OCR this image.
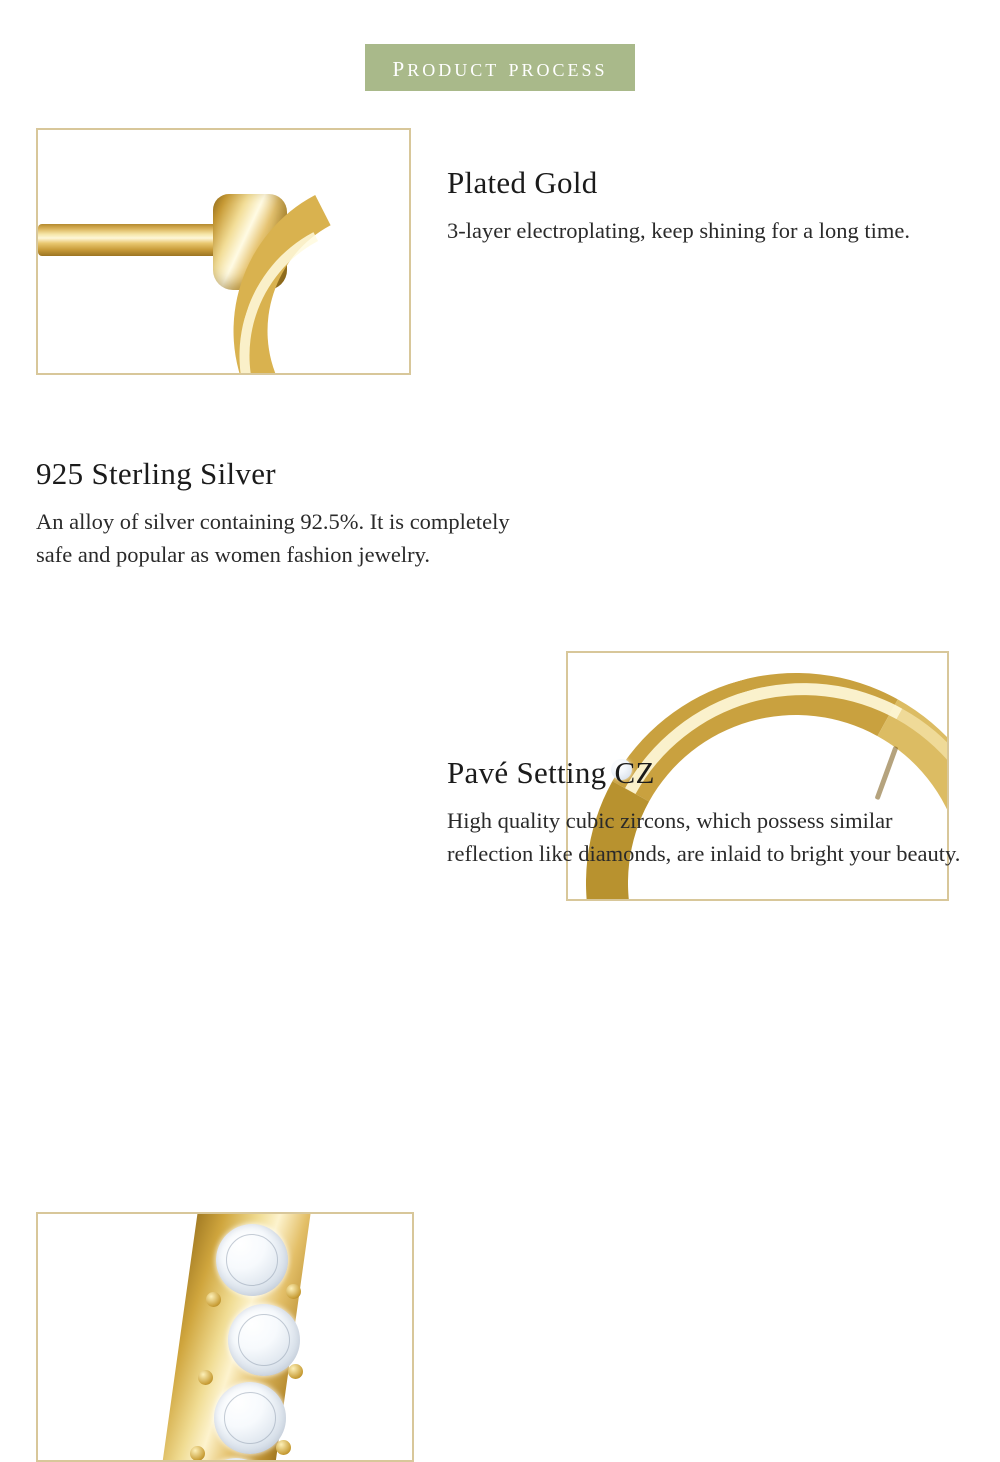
product process
Plated Gold

3-layer electroplating, keep shining for a long time.

925 Sterling Silver

An alloy of silver containing 92.5%. It is completely safe and popular as women fashion jewelry.

Pavé Setting CZ

High quality cubic zircons, which possess similar reflection like diamonds, are inlaid to bright your beauty.
